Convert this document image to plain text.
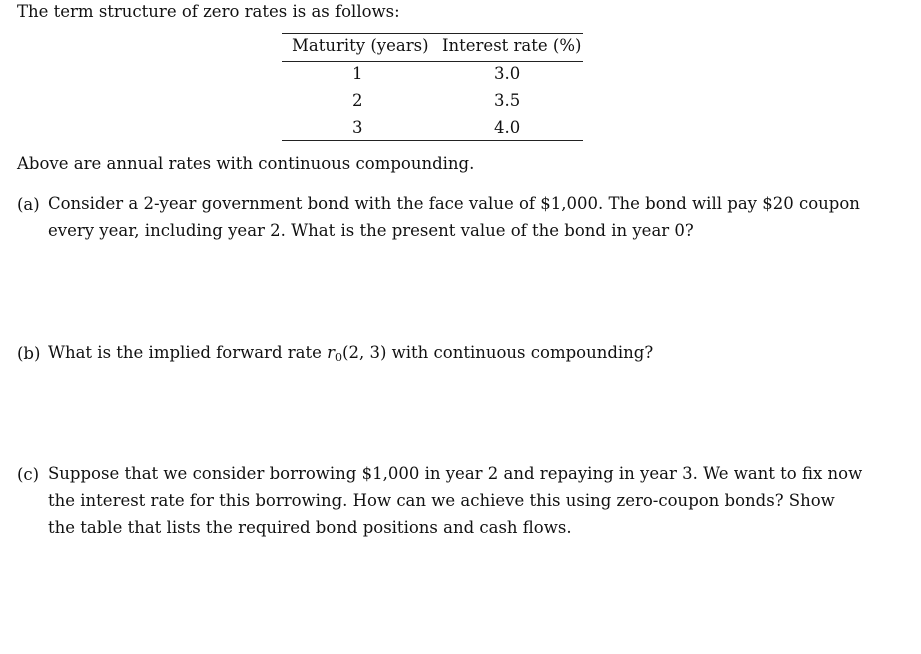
The term structure of zero rates is as follows:
Maturity (years) Interest rate (%)
1	3.0
2	3.5
3	4.0
Above are annual rates with continuous compounding.
(a) Consider a 2-year government bond with the face value of $1,000. The bond will pay $20 coupon every year, including year 2. What is the present value of the bond in year 0?
(b) What is the implied forward rate r0(2, 3) with continuous compounding?
(c) Suppose that we consider borrowing $1,000 in year 2 and repaying in year 3. We want to fix now the interest rate for this borrowing. How can we achieve this using zero-coupon bonds? Show the table that lists the required bond positions and cash flows.
